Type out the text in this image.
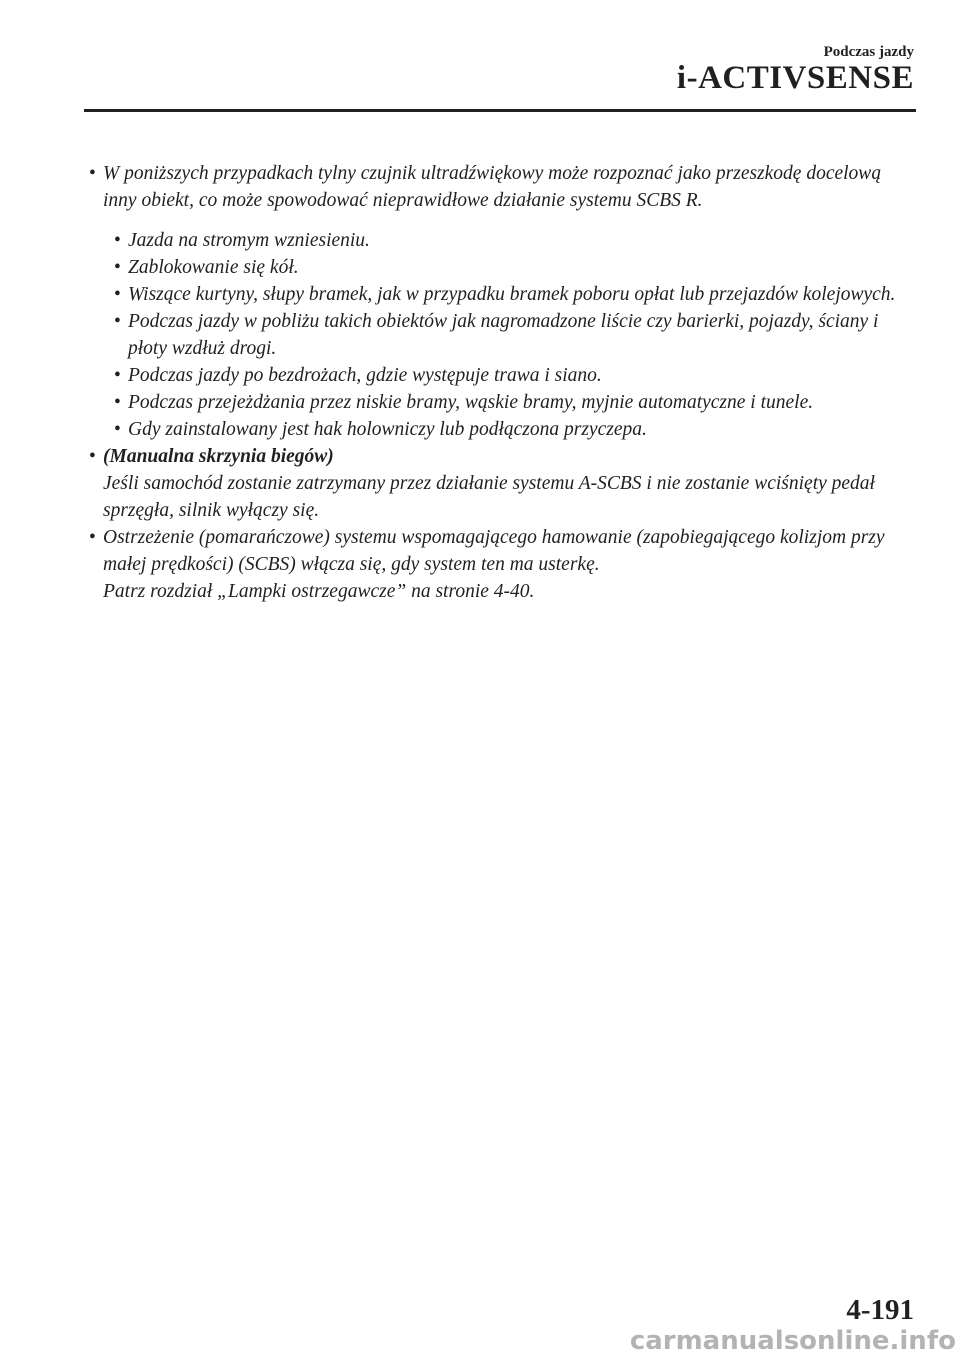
Podczas jazdy
i-ACTIVSENSE
• W poniższych przypadkach tylny czujnik ultradźwiękowy może rozpoznać jako przeszkodę docelową inny obiekt, co może spowodować nieprawidłowe działanie systemu SCBS R.
• Jazda na stromym wzniesieniu.
• Zablokowanie się kół.
• Wiszące kurtyny, słupy bramek, jak w przypadku bramek poboru opłat lub przejazdów kolejowych.
• Podczas jazdy w pobliżu takich obiektów jak nagromadzone liście czy barierki, pojazdy, ściany i płoty wzdłuż drogi.
• Podczas jazdy po bezdrożach, gdzie występuje trawa i siano.
• Podczas przejeżdżania przez niskie bramy, wąskie bramy, myjnie automatyczne i tunele.
• Gdy zainstalowany jest hak holowniczy lub podłączona przyczepa.
• (Manualna skrzynia biegów)
Jeśli samochód zostanie zatrzymany przez działanie systemu A-SCBS i nie zostanie wciśnięty pedał sprzęgła, silnik wyłączy się.
• Ostrzeżenie (pomarańczowe) systemu wspomagającego hamowanie (zapobiegającego kolizjom przy małej prędkości) (SCBS) włącza się, gdy system ten ma usterkę.
Patrz rozdział „Lampki ostrzegawcze” na stronie 4-40.
4-191
carmanualsonline.info
